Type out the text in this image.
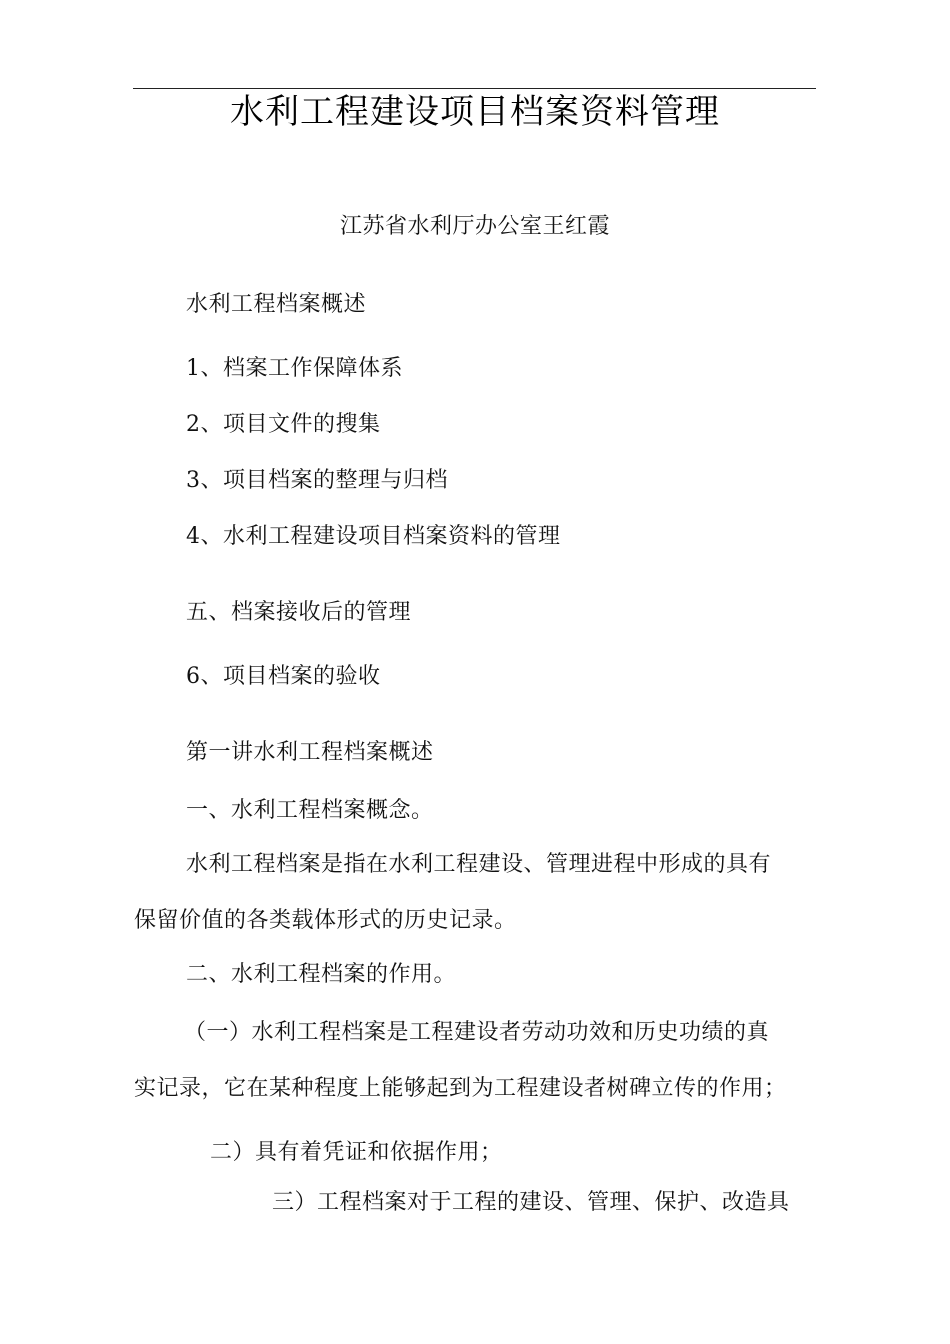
水利工程建设项目档案资料管理
江苏省水利厅办公室王红霞
水利工程档案概述
1、档案工作保障体系
2、项目文件的搜集
3、项目档案的整理与归档
4、水利工程建设项目档案资料的管理
五、档案接收后的管理
6、项目档案的验收
第一讲水利工程档案概述
一、水利工程档案概念。
水利工程档案是指在水利工程建设、管理进程中形成的具有
保留价值的各类载体形式的历史记录。
二、水利工程档案的作用。
（一）水利工程档案是工程建设者劳动功效和历史功绩的真
实记录，它在某种程度上能够起到为工程建设者树碑立传的作用；
二）具有着凭证和依据作用；
三）工程档案对于工程的建设、管理、保护、改造具
